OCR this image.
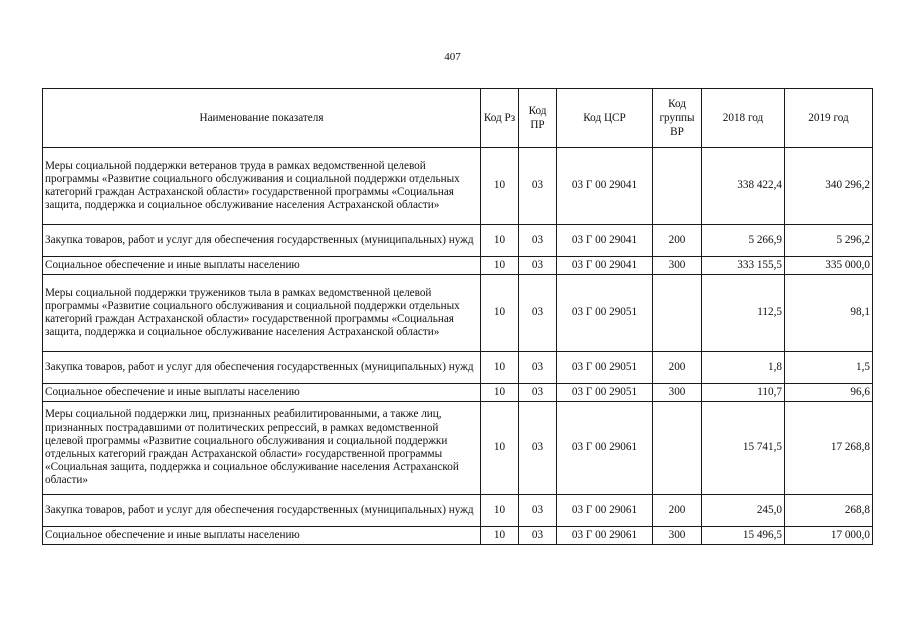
407
Наименование показателя	Код Рз	Код ПР	Код ЦСР	Код группы ВР	2018 год	2019 год
Меры социальной поддержки ветеранов труда в рамках ведомственной целевой программы «Развитие социального обслуживания и социальной поддержки отдельных категорий граждан Астраханской области» государственной программы «Социальная защита, поддержка и социальное обслуживание населения Астраханской области»	10	03	03 Г 00 29041		338 422,4	340 296,2
Закупка товаров, работ и услуг для обеспечения государственных (муниципальных) нужд	10	03	03 Г 00 29041	200	5 266,9	5 296,2
Социальное обеспечение и иные выплаты населению	10	03	03 Г 00 29041	300	333 155,5	335 000,0
Меры социальной поддержки тружеников тыла в рамках ведомственной целевой программы «Развитие социального обслуживания и социальной поддержки отдельных категорий граждан Астраханской области» государственной программы «Социальная защита, поддержка и социальное обслуживание населения Астраханской области»	10	03	03 Г 00 29051		112,5	98,1
Закупка товаров, работ и услуг для обеспечения государственных (муниципальных) нужд	10	03	03 Г 00 29051	200	1,8	1,5
Социальное обеспечение и иные выплаты населению	10	03	03 Г 00 29051	300	110,7	96,6
Меры социальной поддержки лиц, признанных реабилитированными, а также лиц, признанных пострадавшими от политических репрессий, в рамках ведомственной целевой программы «Развитие социального обслуживания и социальной поддержки отдельных категорий граждан Астраханской области» государственной программы «Социальная защита, поддержка и социальное обслуживание населения Астраханской области»	10	03	03 Г 00 29061		15 741,5	17 268,8
Закупка товаров, работ и услуг для обеспечения государственных (муниципальных) нужд	10	03	03 Г 00 29061	200	245,0	268,8
Социальное обеспечение и иные выплаты населению	10	03	03 Г 00 29061	300	15 496,5	17 000,0
